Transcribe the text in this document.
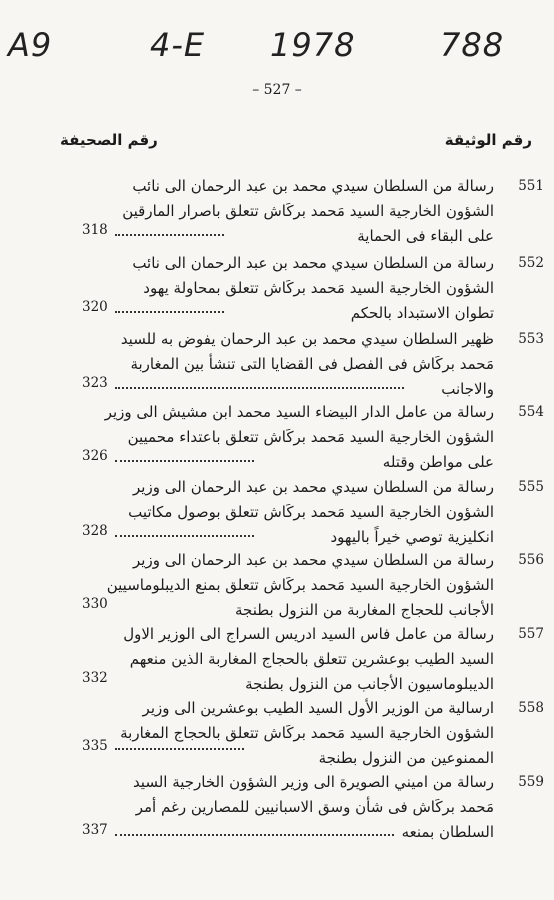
A9	4-E 1978	788
– 527 –
رقم الوثيقة
رقم الصحيفة
551
رسالة من السلطان سيدي محمد بن عبد الرحمان الى نائب
الشؤون الخارجية السيد مَحمد بركَاش تتعلق باصرار المارقين
على البقاء فى الحماية
318
552
رسالة من السلطان سيدي محمد بن عبد الرحمان الى نائب
الشؤون الخارجية السيد مَحمد بركَاش تتعلق بمحاولة يهود
تطوان الاستبداد بالحكم
320
553
ظهير السلطان سيدي محمد بن عبد الرحمان يفوض به للسيد
مَحمد بركَاش فى الفصل فى القضايا التى تنشأ بين المغاربة
والاجانب
323
554
رسالة من عامل الدار البيضاء السيد محمد ابن مشيش الى وزير
الشؤون الخارجية السيد مَحمد بركَاش تتعلق باعتداء محميين
على مواطن وقتله
326
555
رسالة من السلطان سيدي محمد بن عبد الرحمان الى وزير
الشؤون الخارجية السيد مَحمد بركَاش تتعلق بوصول مكاتيب
انكليزية توصي خيراً باليهود
328
556
رسالة من السلطان سيدي محمد بن عبد الرحمان الى وزير
الشؤون الخارجية السيد مَحمد بركَاش تتعلق بمنع الديبلوماسيين
الأجانب للحجاج المغاربة من النزول بطنجة
330
557
رسالة من عامل فاس السيد ادريس السراج الى الوزير الاول
السيد الطيب بوعشرين تتعلق بالحجاج المغاربة الذين منعهم
الديبلوماسيون الأجانب من النزول بطنجة
332
558
ارسالية من الوزير الأول السيد الطيب بوعشرين الى وزير
الشؤون الخارجية السيد مَحمد بركَاش تتعلق بالحجاج المغاربة
الممنوعين من النزول بطنجة
335
559
رسالة من اميني الصويرة الى وزير الشؤون الخارجية السيد
مَحمد بركَاش فى شأن وسق الاسبانيين للمصارين رغم أمر
السلطان بمنعه
337
